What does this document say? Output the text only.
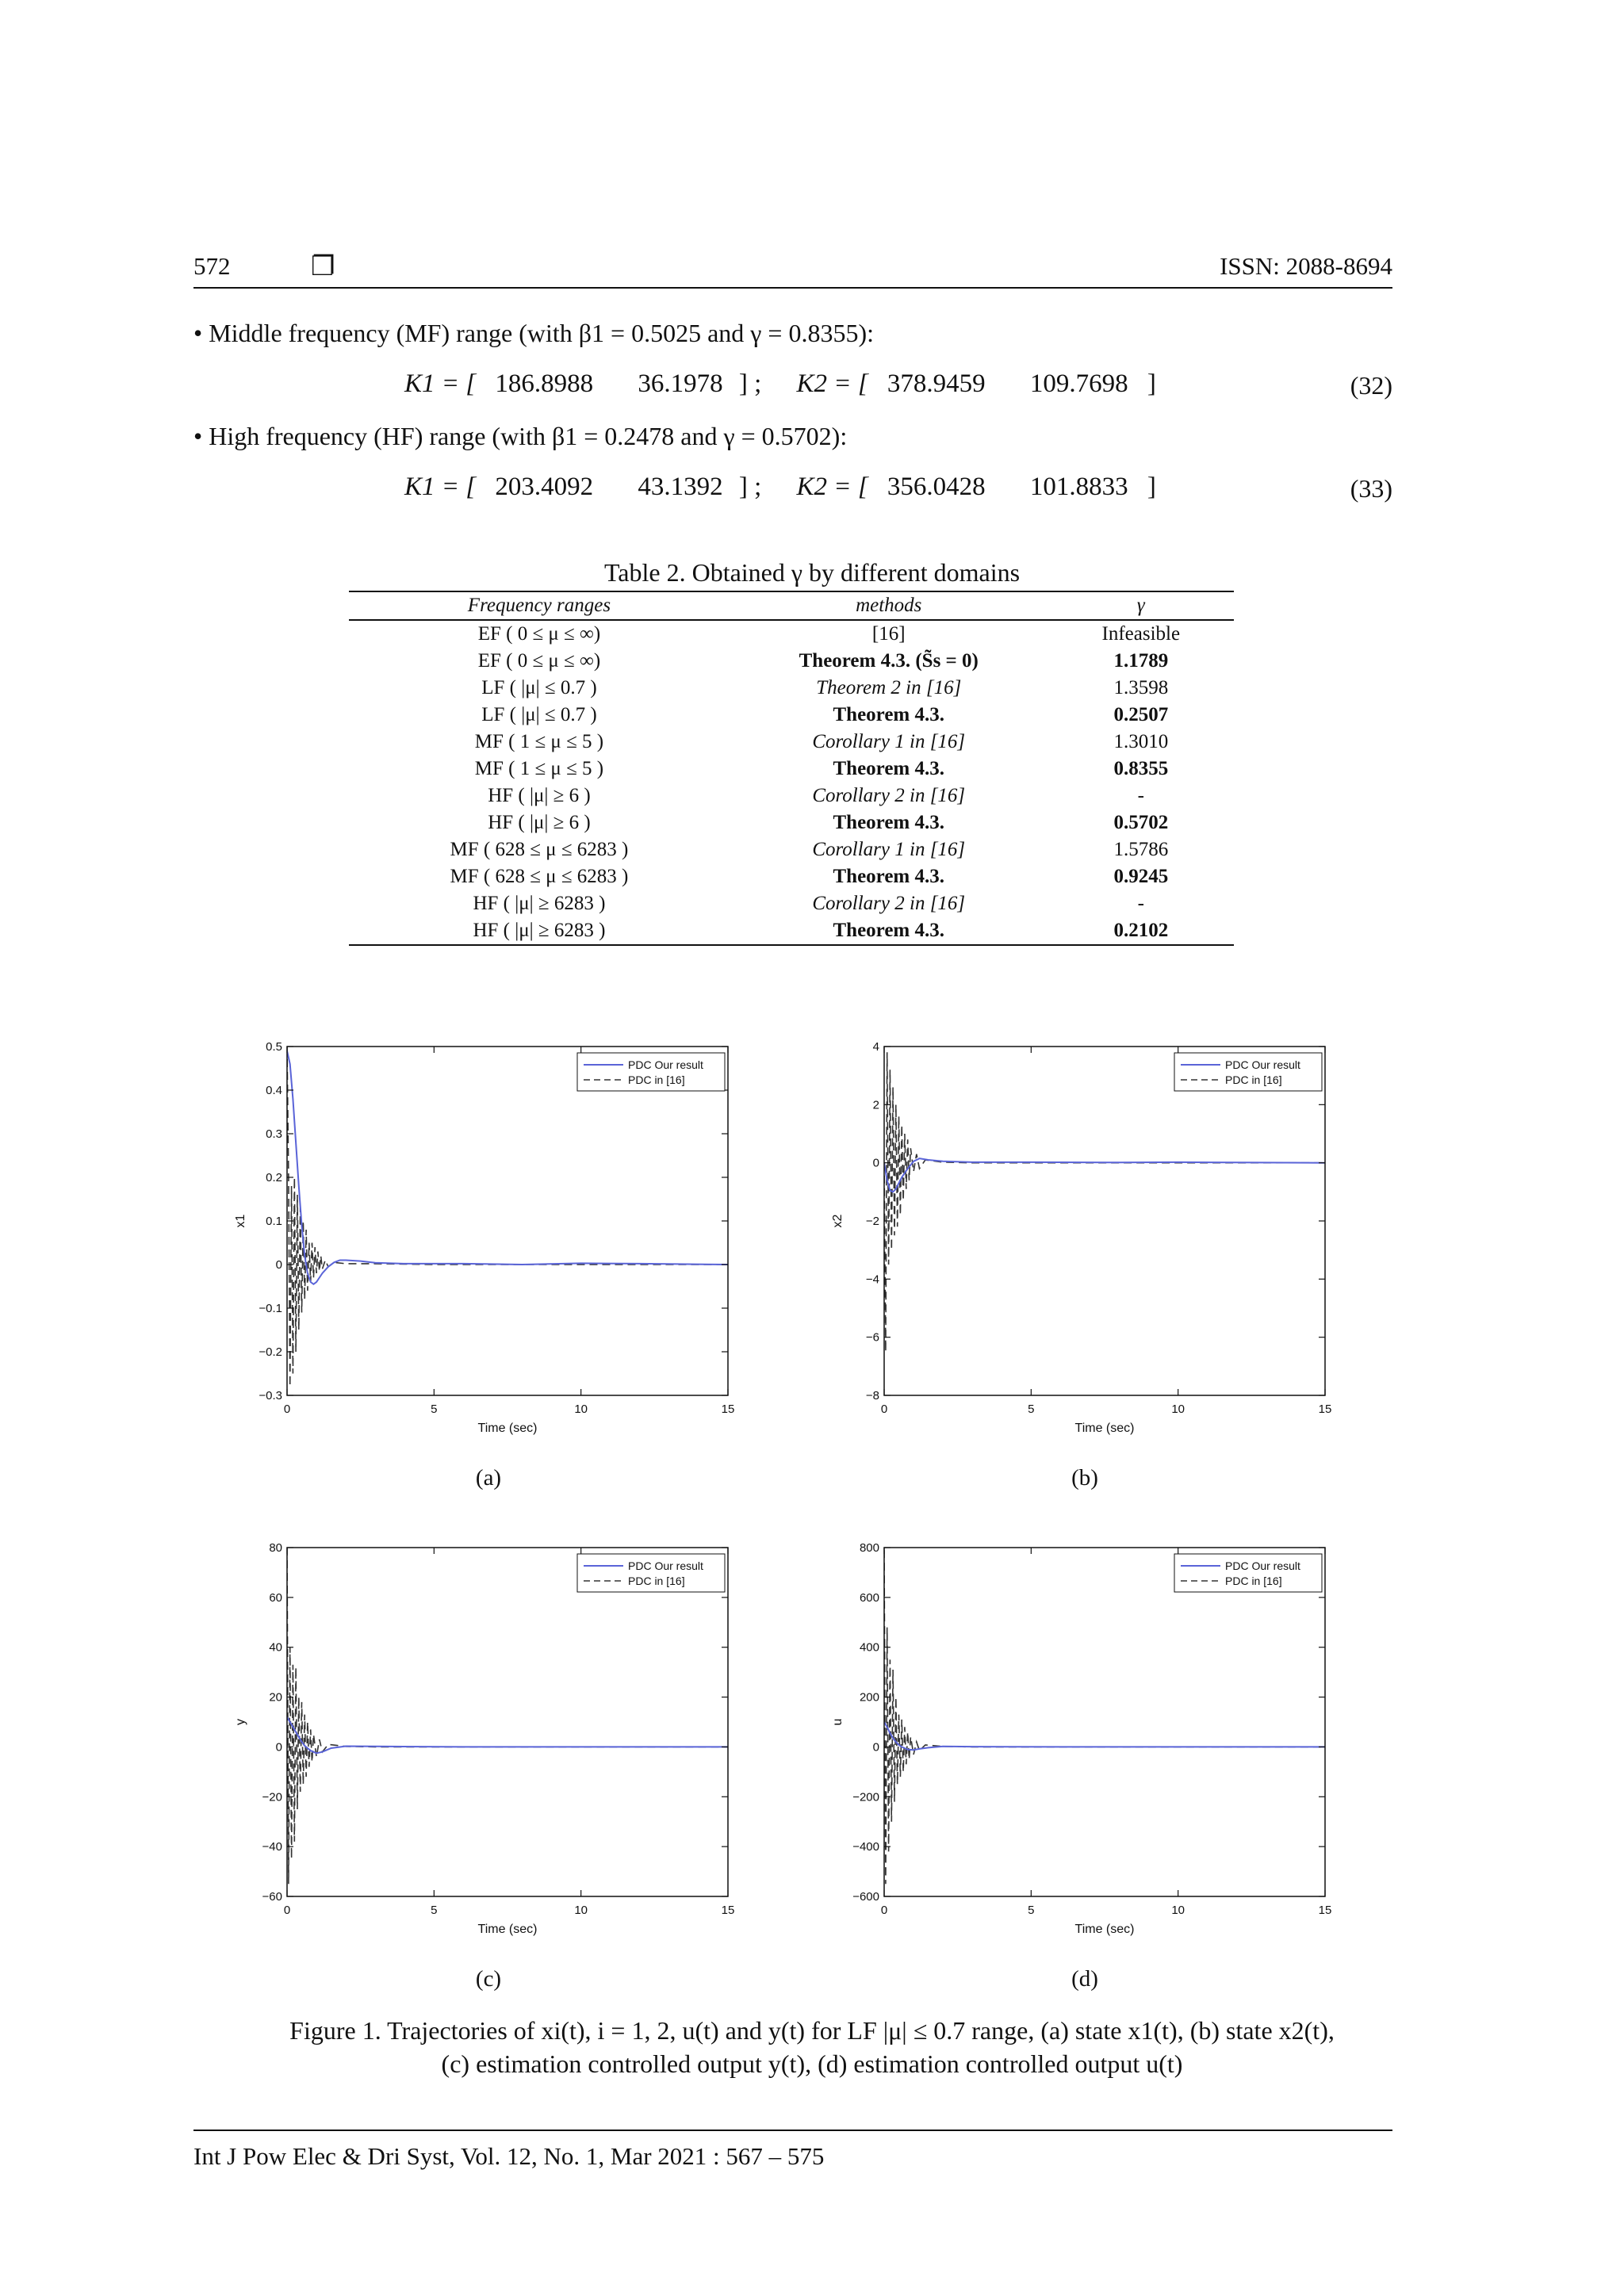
572	❐	ISSN: 2088-8694
• Middle frequency (MF) range (with β1 = 0.5025 and γ = 0.8355):
K1 = [ 186.8988 36.1978 ] ; K2 = [ 378.9459 109.7698 ]	(32)
• High frequency (HF) range (with β1 = 0.2478 and γ = 0.5702):
K1 = [ 203.4092 43.1392 ] ; K2 = [ 356.0428 101.8833 ]	(33)
Table 2. Obtained γ by different domains
Frequency ranges	methods	γ
EF ( 0 ≤ μ ≤ ∞)	[16]	Infeasible
EF ( 0 ≤ μ ≤ ∞)	Theorem 4.3. (S̃s = 0)	1.1789
LF ( |μ| ≤ 0.7 )	Theorem 2 in [16]	1.3598
LF ( |μ| ≤ 0.7 )	Theorem 4.3.	0.2507
MF ( 1 ≤ μ ≤ 5 )	Corollary 1 in [16]	1.3010
MF ( 1 ≤ μ ≤ 5 )	Theorem 4.3.	0.8355
HF ( |μ| ≥ 6 )	Corollary 2 in [16]	-
HF ( |μ| ≥ 6 )	Theorem 4.3.	0.5702
MF ( 628 ≤ μ ≤ 6283 )	Corollary 1 in [16]	1.5786
MF ( 628 ≤ μ ≤ 6283 )	Theorem 4.3.	0.9245
HF ( |μ| ≥ 6283 )	Corollary 2 in [16]	-
HF ( |μ| ≥ 6283 )	Theorem 4.3.	0.2102
0	5	10	15
−0.3
−0.2
−0.1
0
0.1
0.2
0.3
0.4
0.5
Time (sec)
x1
PDC Our result
PDC in [16]
(a)
0	5	10	15
−8
−6
−4
−2
0
2
4
Time (sec)
x2
PDC Our result
PDC in [16]
(b)
0	5	10	15
−60
−40
−20
0
20
40
60
80
Time (sec)
y
PDC Our result
PDC in [16]
(c)
0	5	10	15
−600
−400
−200
0
200
400
600
800
Time (sec)
u
PDC Our result
PDC in [16]
(d)
Figure 1. Trajectories of xi(t), i = 1, 2, u(t) and y(t) for LF |μ| ≤ 0.7 range, (a) state x1(t), (b) state x2(t),
(c) estimation controlled output y(t), (d) estimation controlled output u(t)
Int J Pow Elec & Dri Syst, Vol. 12, No. 1, Mar 2021 : 567 – 575
